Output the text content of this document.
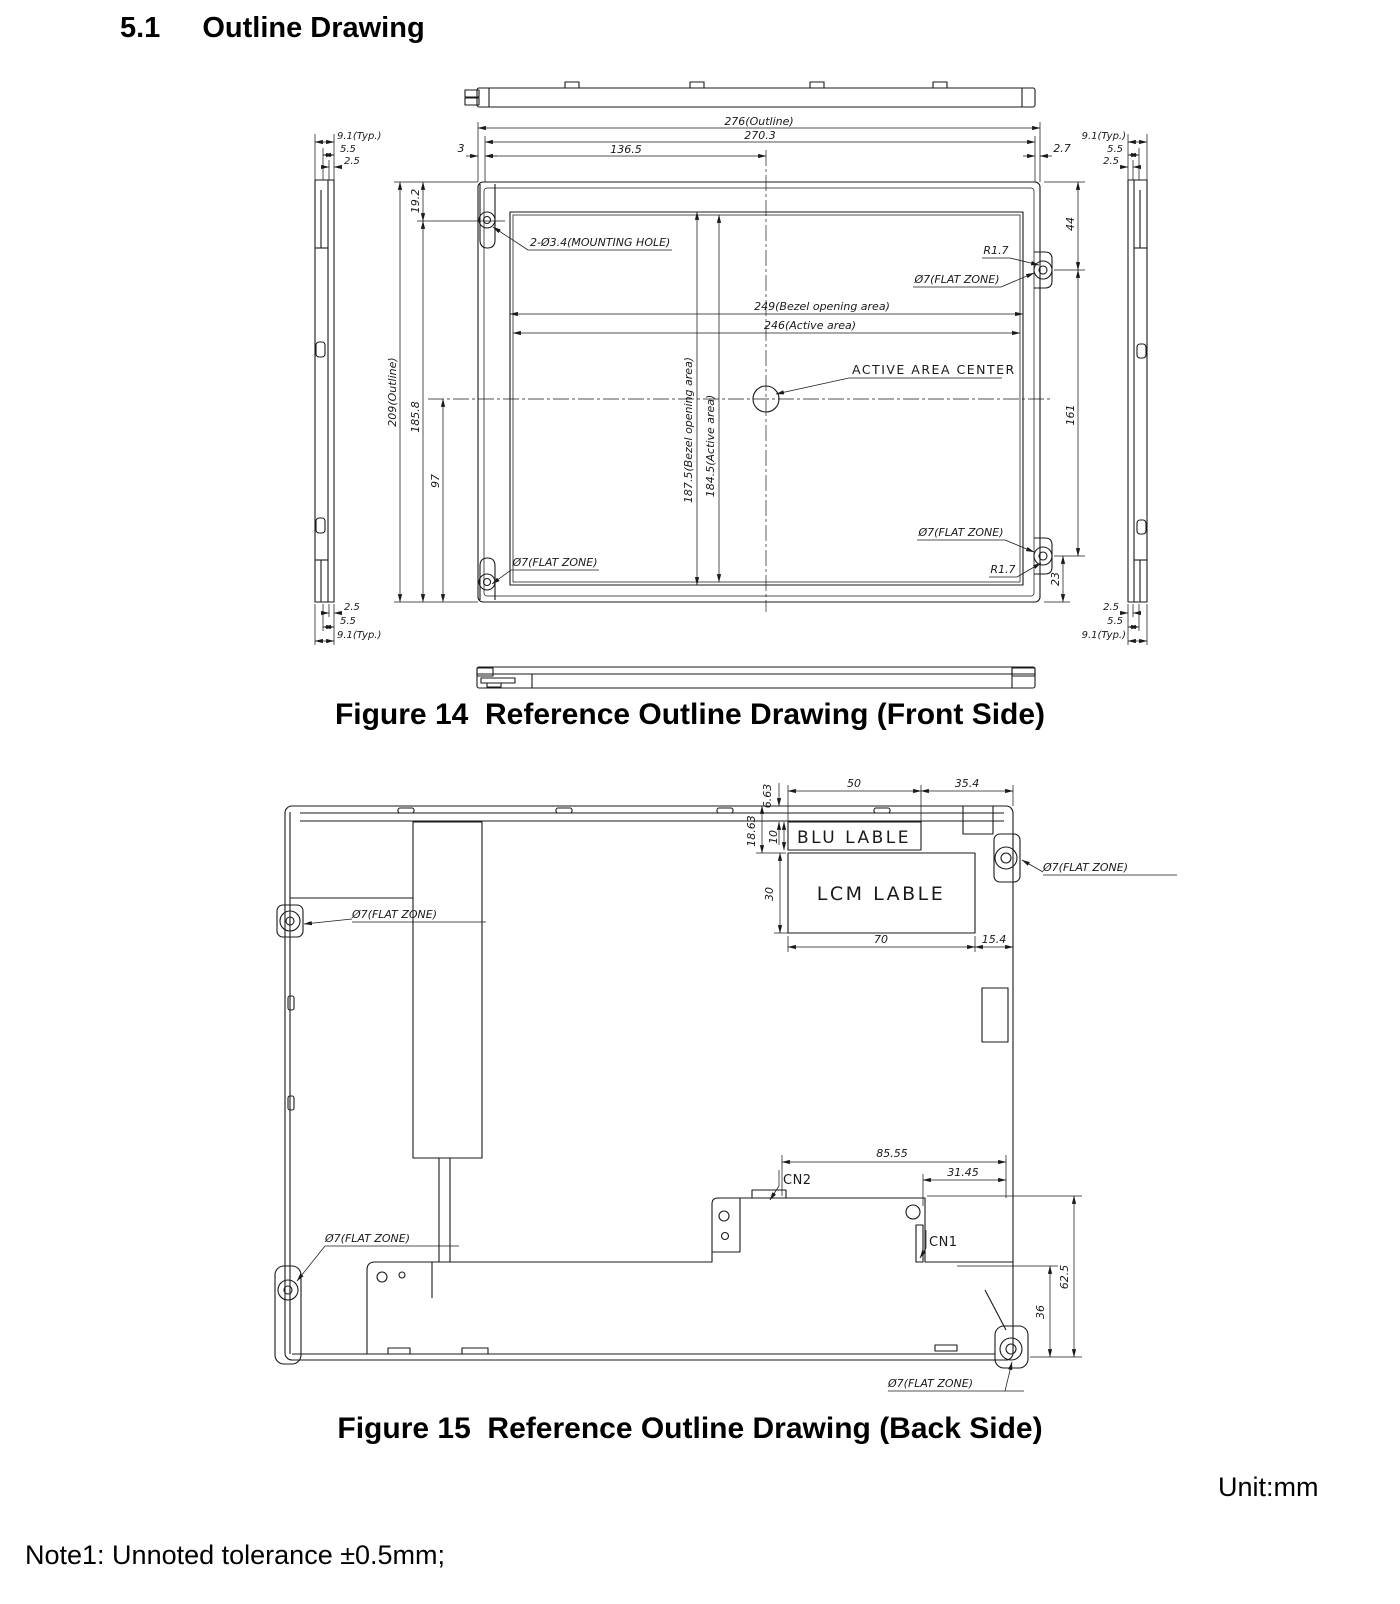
5.1 Outline Drawing
276(Outline)
270.3
136.5
3	2.7
249(Bezel opening area)
246(Active area)
209(Outline)
19.2
185.8
97	187.5(Bezel opening area) 184.5(Active area)
44
161
23
2-Ø3.4(MOUNTING HOLE)
ACTIVE AREA CENTER
Ø7(FLAT ZONE)
R1.7
Ø7(FLAT ZONE)
R1.7
Ø7(FLAT ZONE)
9.1(Typ.)
5.5
2.5
2.5
5.5
9.1(Typ.)
9.1(Typ.)
5.5
2.5
2.5
5.5
9.1(Typ.)
BLU LABLE
LCM LABLE
50	35.4
6.63
18.63 10
30
70	15.4
85.55
31.45
62.5
36
Ø7(FLAT ZONE)
Ø7(FLAT ZONE)
Ø7(FLAT ZONE)
Ø7(FLAT ZONE)
CN2
CN1
Figure 14  Reference Outline Drawing (Front Side)
Figure 15  Reference Outline Drawing (Back Side)
Unit:mm
Note1: Unnoted tolerance ±0.5mm;
